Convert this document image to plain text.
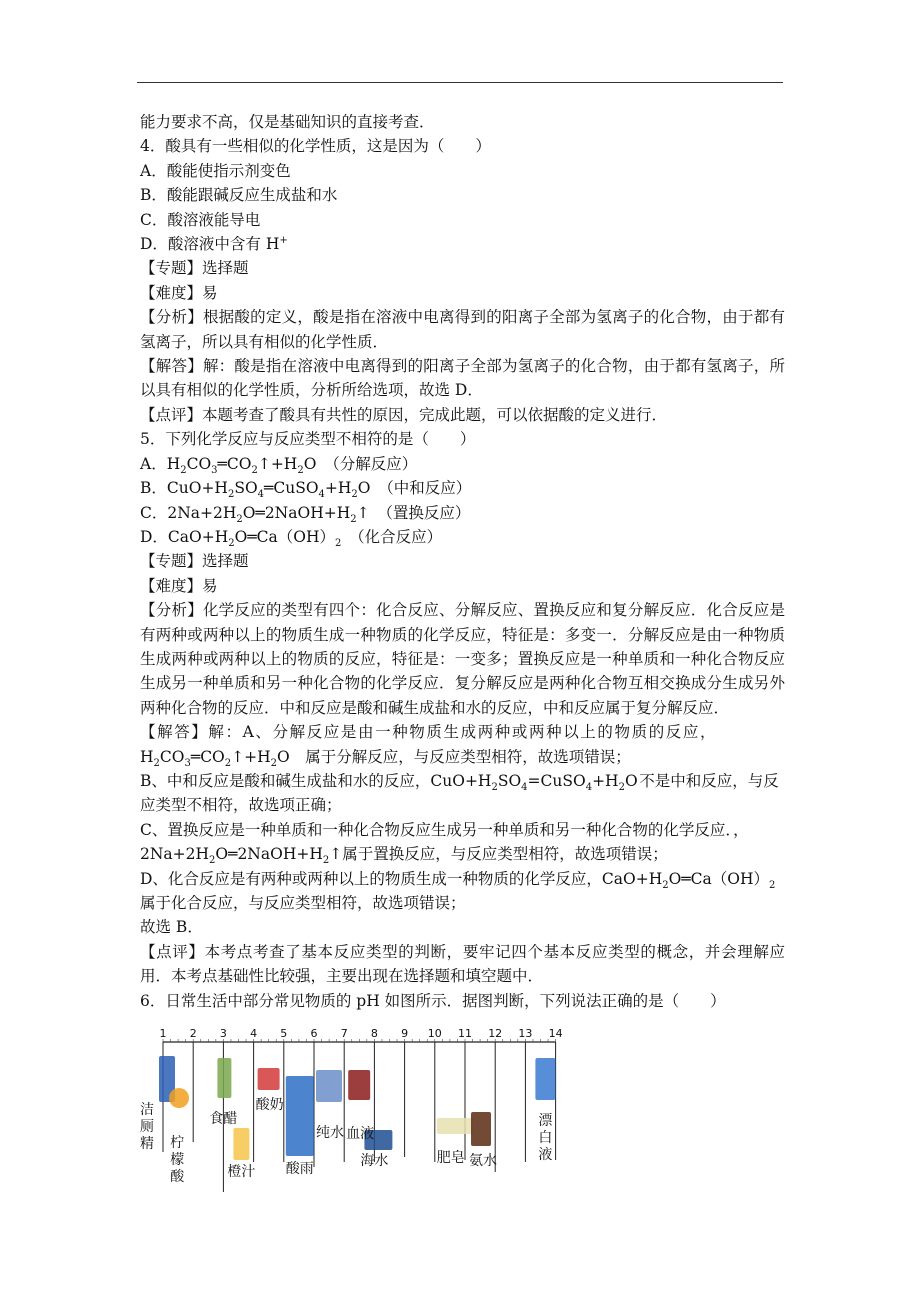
能力要求不高，仅是基础知识的直接考查．

4．酸具有一些相似的化学性质，这是因为（　　）

A．酸能使指示剂变色

B．酸能跟碱反应生成盐和水

C．酸溶液能导电

D．酸溶液中含有 H+

【专题】选择题

【难度】易

【分析】根据酸的定义，酸是指在溶液中电离得到的阳离子全部为氢离子的化合物，由于都有氢离子，所以具有相似的化学性质．

【解答】解：酸是指在溶液中电离得到的阳离子全部为氢离子的化合物，由于都有氢离子，所以具有相似的化学性质，分析所给选项，故选 D．

【点评】本题考查了酸具有共性的原因，完成此题，可以依据酸的定义进行．

5．下列化学反应与反应类型不相符的是（　　）

A．$H_2CO_3═CO_2↑+H_2O$　 （分解反应）

B．$CuO+H_2SO_4═CuSO_4+H_2O$　 （中和反应）

C．$2Na+2H_2O═2NaOH+H_2↑$　 （置换反应）

D．$CaO+H_2O═Ca(OH)_2$　 （化合反应）

【专题】选择题

【难度】易

【分析】化学反应的类型有四个：化合反应、分解反应、置换反应和复分解反应．化合反应是有两种或两种以上的物质生成一种物质的化学反应，特征是：多变一．分解反应是由一种物质生成两种或两种以上的物质的反应，特征是：一变多；置换反应是一种单质和一种化合物反应生成另一种单质和另一种化合物的化学反应．复分解反应是两种化合物互相交换成分生成另外两种化合物的反应．中和反应是酸和碱生成盐和水的反应，中和反应属于复分解反应．

【解答】解：A、分解反应是由一种物质生成两种或两种以上的物质的反应，

$H_2CO_3═CO_2↑+H_2O$　 属于分解反应，与反应类型相符，故选项错误；

B、中和反应是酸和碱生成盐和水的反应，$CuO+H_2SO_4=CuSO_4+H_2O$ 不是中和反应，与反应类型不相符，故选项正确；

C、置换反应是一种单质和一种化合物反应生成另一种单质和另一种化合物的化学反应．，

$2Na+2H_2O═2NaOH+H_2↑$属于置换反应，与反应类型相符，故选项错误；

D、化合反应是有两种或两种以上的物质生成一种物质的化学反应，$CaO+H_2O═Ca(OH)_2$

属于化合反应，与反应类型相符，故选项错误；

故选 B．

【点评】本考点考查了基本反应类型的判断，要牢记四个基本反应类型的概念，并会理解应用．本考点基础性比较强，主要出现在选择题和填空题中．

6．日常生活中部分常见物质的 pH 如图所示．据图判断，下列说法正确的是（　　）

1	2	3	4	5	6	7	8	9	10 11 12 13 14
洁厕精 柠檬酸
食醋
橙汁
酸奶
酸雨
纯水 血液
海水	肥皂 氨水
漂白液
